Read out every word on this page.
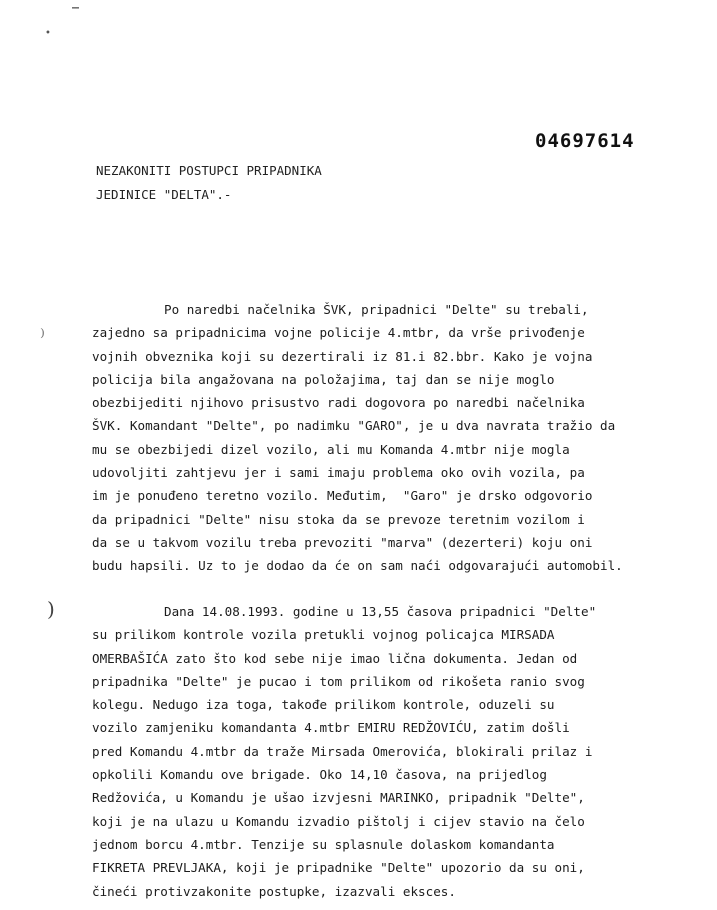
‾
•
04697614
NEZAKONITI POSTUPCI PRIPADNIKA
JEDINICE "DELTA".-
⁾
Po naredbi načelnika ŠVK, pripadnici "Delte" su trebali,
zajedno sa pripadnicima vojne policije 4.mtbr, da vrše privođenje
vojnih obveznika koji su dezertirali iz 81.i 82.bbr. Kako je vojna
policija bila angažovana na položajima, taj dan se nije moglo
obezbijediti njihovo prisustvo radi dogovora po naredbi načelnika
ŠVK. Komandant "Delte", po nadimku "GARO", je u dva navrata tražio da
mu se obezbijedi dizel vozilo, ali mu Komanda 4.mtbr nije mogla
udovoljiti zahtjevu jer i sami imaju problema oko ovih vozila, pa
im je ponuđeno teretno vozilo. Međutim,  "Garo" je drsko odgovorio
da pripadnici "Delte" nisu stoka da se prevoze teretnim vozilom i
da se u takvom vozilu treba prevoziti "marva" (dezerteri) koju oni
budu hapsili. Uz to je dodao da će on sam naći odgovarajući automobil.
)	Dana 14.08.1993. godine u 13,55 časova pripadnici "Delte"
su prilikom kontrole vozila pretukli vojnog policajca MIRSADA
OMERBAŠIĆA zato što kod sebe nije imao lična dokumenta. Jedan od
pripadnika "Delte" je pucao i tom prilikom od rikošeta ranio svog
kolegu. Nedugo iza toga, takođe prilikom kontrole, oduzeli su
vozilo zamjeniku komandanta 4.mtbr EMIRU REDŽOVIĆU, zatim došli
pred Komandu 4.mtbr da traže Mirsada Omerovića, blokirali prilaz i
opkolili Komandu ove brigade. Oko 14,10 časova, na prijedlog
Redžovića, u Komandu je ušao izvjesni MARINKO, pripadnik "Delte",
koji je na ulazu u Komandu izvadio pištolj i cijev stavio na čelo
jednom borcu 4.mtbr. Tenzije su splasnule dolaskom komandanta
FIKRETA PREVLJAKA, koji je pripadnike "Delte" upozorio da su oni,
čineći protivzakonite postupke, izazvali eksces.
